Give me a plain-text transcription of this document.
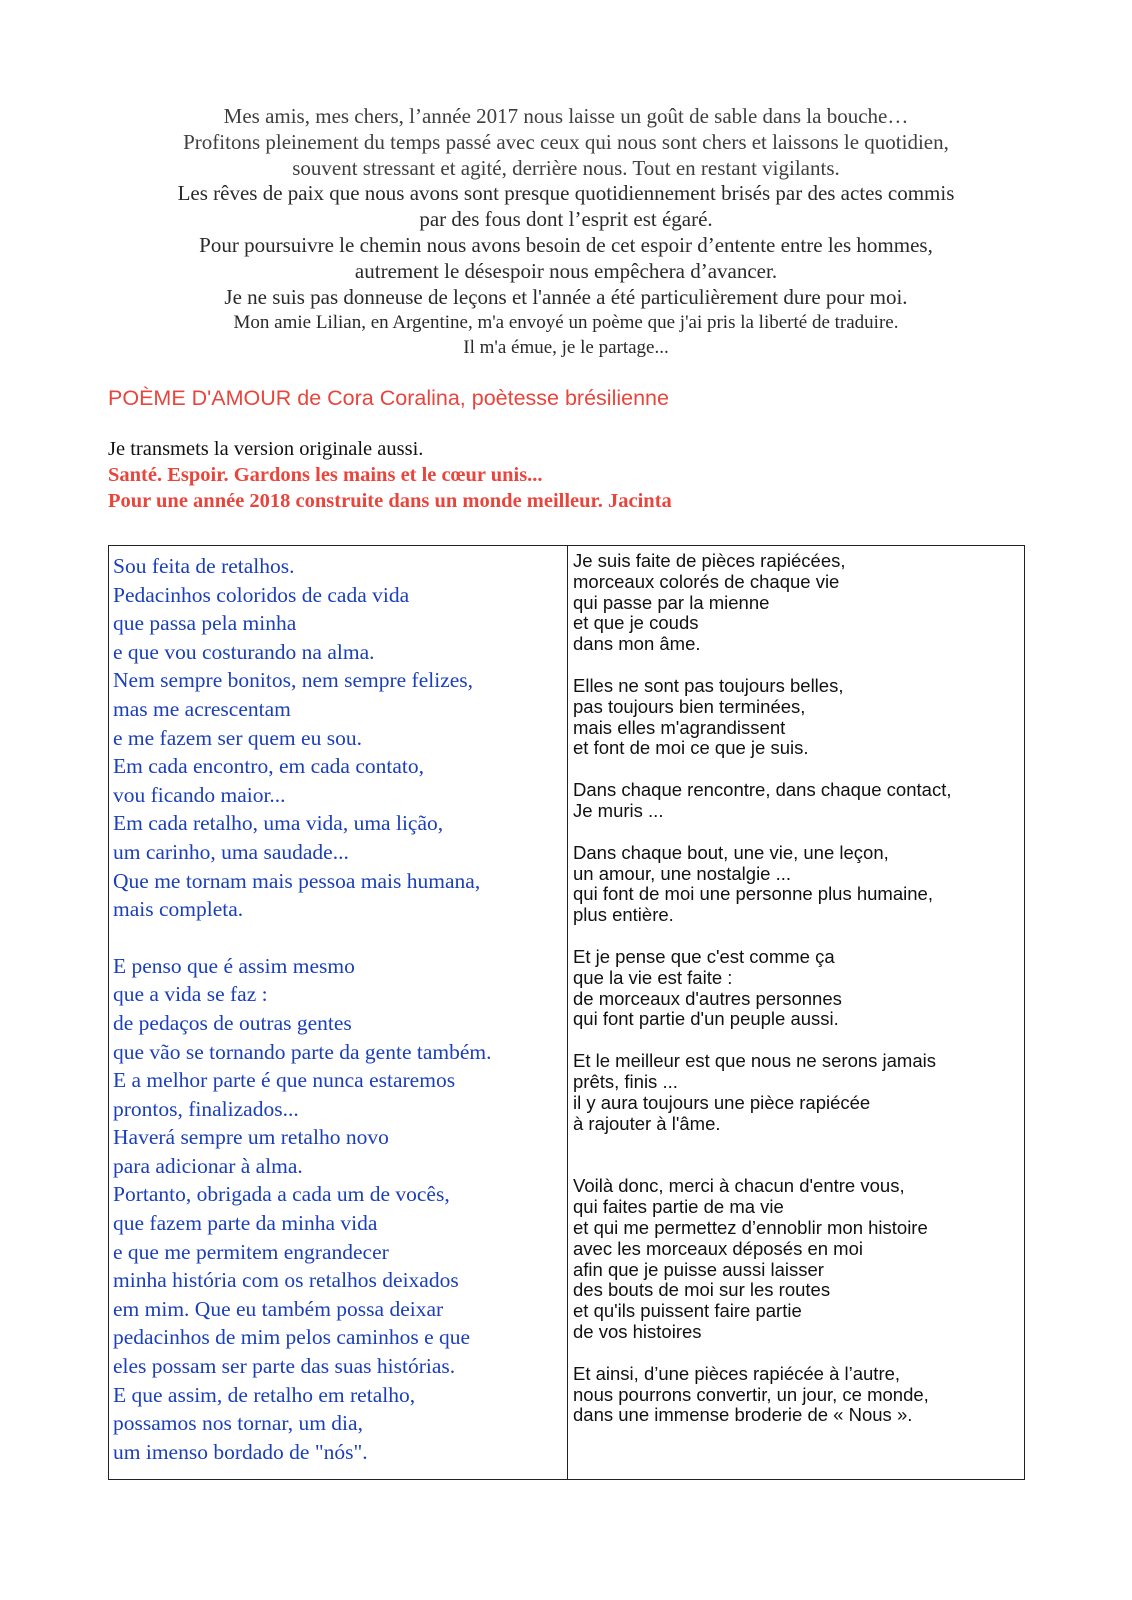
Mes amis, mes chers, l’année 2017 nous laisse un goût de sable dans la bouche…
Profitons pleinement du temps passé avec ceux qui nous sont chers et laissons le quotidien,
souvent stressant et agité, derrière nous. Tout en restant vigilants.
Les rêves de paix que nous avons sont presque quotidiennement brisés par des actes commis
par des fous dont l’esprit est égaré.
Pour poursuivre le chemin nous avons besoin de cet espoir d’entente entre les hommes,
autrement le désespoir nous empêchera d’avancer.
Je ne suis pas donneuse de leçons et l'année a été particulièrement dure pour moi.
Mon amie Lilian, en Argentine, m'a envoyé un poème que j'ai pris la liberté de traduire.
Il m'a émue, je le partage...
POÈME D'AMOUR de Cora Coralina, poètesse brésilienne
Je transmets la version originale aussi.
Santé. Espoir. Gardons les mains et le cœur unis...
Pour une année 2018 construite dans un monde meilleur. Jacinta
Sou feita de retalhos.
Pedacinhos coloridos de cada vida
que passa pela minha
e que vou costurando na alma.
Nem sempre bonitos, nem sempre felizes,
mas me acrescentam
e me fazem ser quem eu sou.
Em cada encontro, em cada contato,
vou ficando maior...
Em cada retalho, uma vida, uma lição,
um carinho, uma saudade...
Que me tornam mais pessoa mais humana,
mais completa.
E penso que é assim mesmo
que a vida se faz :
de pedaços de outras gentes
que vão se tornando parte da gente também.
E a melhor parte é que nunca estaremos
prontos, finalizados...
Haverá sempre um retalho novo
para adicionar à alma.
Portanto, obrigada a cada um de vocês,
que fazem parte da minha vida
e que me permitem engrandecer
minha história com os retalhos deixados
em mim. Que eu também possa deixar
pedacinhos de mim pelos caminhos e que
eles possam ser parte das suas histórias.
E que assim, de retalho em retalho,
possamos nos tornar, um dia,
um imenso bordado de "nós".
Je suis faite de pièces rapiécées,
morceaux colorés de chaque vie
qui passe par la mienne
et que je couds
dans mon âme.
Elles ne sont pas toujours belles,
pas toujours bien terminées,
mais elles m'agrandissent
et font de moi ce que je suis.
Dans chaque rencontre, dans chaque contact,
Je muris ...
Dans chaque bout, une vie, une leçon,
un amour, une nostalgie ...
qui font de moi une personne plus humaine,
plus entière.
Et je pense que c'est comme ça
que la vie est faite :
de morceaux d'autres personnes
qui font partie d'un peuple aussi.
Et le meilleur est que nous ne serons jamais
prêts, finis ...
il y aura toujours une pièce rapiécée
à rajouter à l'âme.
Voilà donc, merci à chacun d'entre vous,
qui faites partie de ma vie
et qui me permettez d’ennoblir mon histoire
avec les morceaux déposés en moi
afin que je puisse aussi laisser
des bouts de moi sur les routes
et qu'ils puissent faire partie
de vos histoires
Et ainsi, d’une pièces rapiécée à l’autre,
nous pourrons convertir, un jour, ce monde,
dans une immense broderie de « Nous ».
